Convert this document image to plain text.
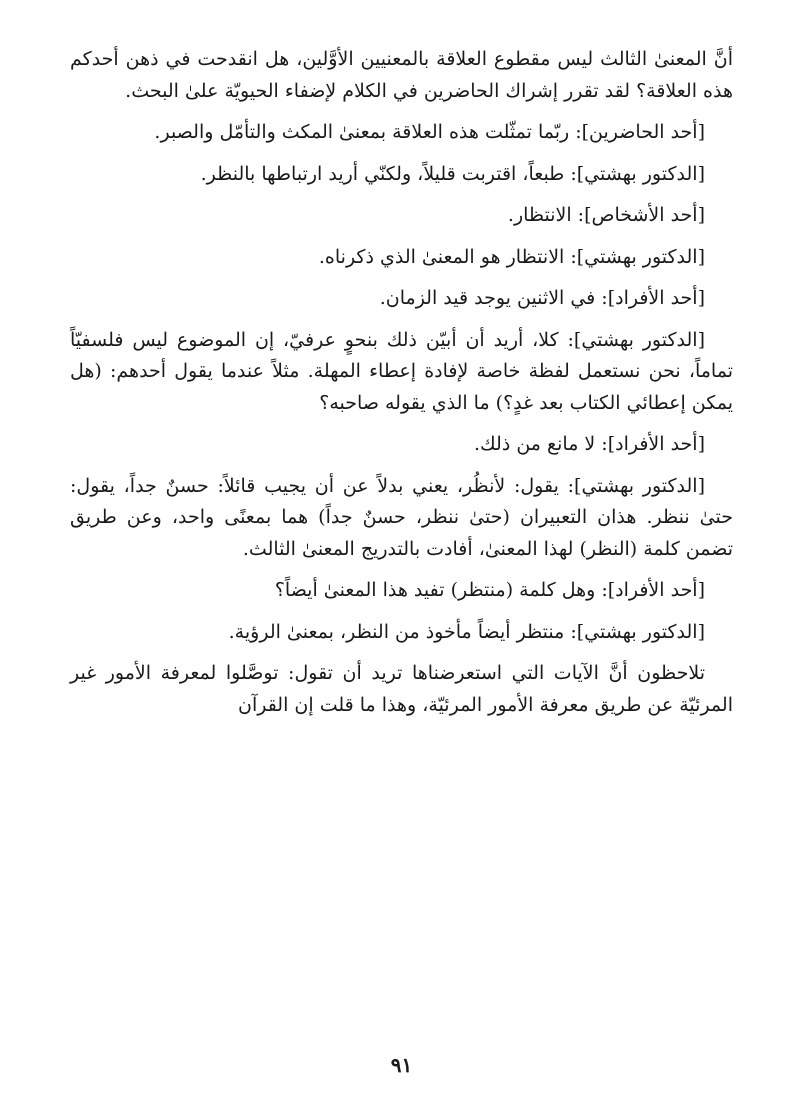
أنَّ المعنىٰ الثالث ليس مقطوع العلاقة بالمعنيين الأوَّلين، هل انقدحت في ذهن أحدكم هذه العلاقة؟ لقد تقرر إشراك الحاضرين في الكلام لإضفاء الحيويّة علىٰ البحث.

[أحد الحاضرين]: ربّما تمثّلت هذه العلاقة بمعنىٰ المكث والتأمّل والصبر.

[الدكتور بهشتي]: طبعاً، اقتربت قليلاً، ولكنّي أريد ارتباطها بالنظر.

[أحد الأشخاص]: الانتظار.

[الدكتور بهشتي]: الانتظار هو المعنىٰ الذي ذكرناه.

[أحد الأفراد]: في الاثنين يوجد قيد الزمان.

[الدكتور بهشتي]: كلا، أريد أن أبيّن ذلك بنحوٍ عرفيّ، إن الموضوع ليس فلسفيّاً تماماً، نحن نستعمل لفظة خاصة لإفادة إعطاء المهلة. مثلاً عندما يقول أحدهم: (هل يمكن إعطائي الكتاب بعد غدٍ؟) ما الذي يقوله صاحبه؟

[أحد الأفراد]: لا مانع من ذلك.

[الدكتور بهشتي]: يقول: لأنظُر، يعني بدلاً عن أن يجيب قائلاً: حسنٌ جداً، يقول: حتىٰ ننظر. هذان التعبيران (حتىٰ ننظر، حسنٌ جداً) هما بمعنًى واحد، وعن طريق تضمن كلمة (النظر) لهذا المعنىٰ، أفادت بالتدريج المعنىٰ الثالث.

[أحد الأفراد]: وهل كلمة (منتظر) تفيد هذا المعنىٰ أيضاً؟

[الدكتور بهشتي]: منتظر أيضاً مأخوذ من النظر، بمعنىٰ الرؤية.

تلاحظون أنَّ الآيات التي استعرضناها تريد أن تقول: توصَّلوا لمعرفة الأمور غير المرئيّة عن طريق معرفة الأمور المرئيّة، وهذا ما قلت إن القرآن

٩١
